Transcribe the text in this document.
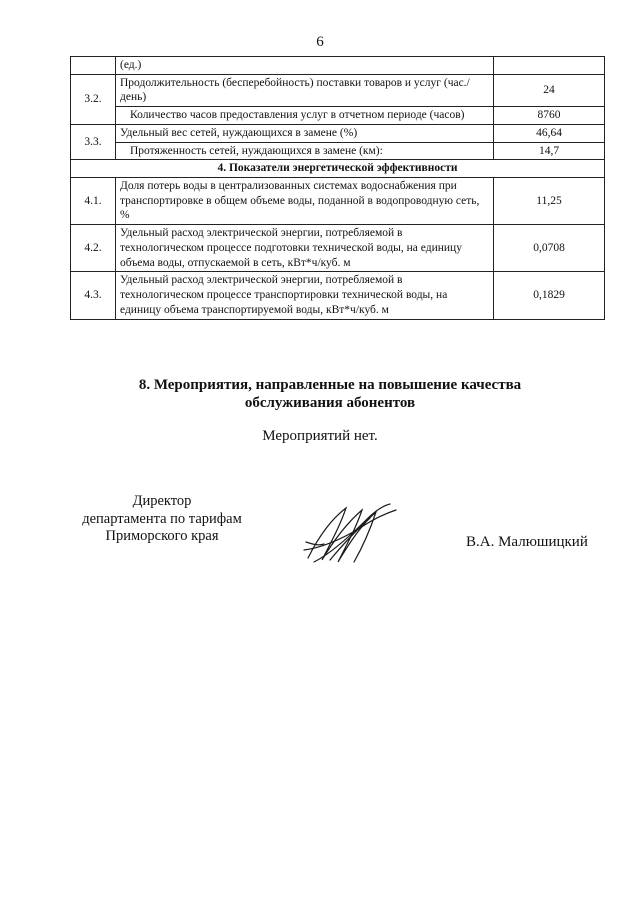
6
	(ед.)	
3.2.	Продолжительность (бесперебойность) поставки товаров и услуг (час./день)	24
	Количество часов предоставления услуг в отчетном периоде (часов)	8760
3.3.	Удельный вес сетей, нуждающихся в замене (%)	46,64
	Протяженность сетей, нуждающихся в замене (км):	14,7
4. Показатели энергетической эффективности		
4.1.	Доля потерь воды в централизованных системах водоснабжения при транспортировке в общем объеме воды, поданной в водопроводную сеть, %	11,25
4.2.	Удельный расход электрической энергии, потребляемой в технологическом процессе подготовки технической воды, на единицу объема воды, отпускаемой в сеть, кВт*ч/куб. м	0,0708
4.3.	Удельный расход электрической энергии, потребляемой в технологическом процессе транспортировки технической воды, на единицу объема транспортируемой воды, кВт*ч/куб. м	0,1829
8. Мероприятия, направленные на повышение качества
обслуживания абонентов
Мероприятий нет.
Директор
департамента по тарифам
Приморского края	В.А. Малюшицкий
